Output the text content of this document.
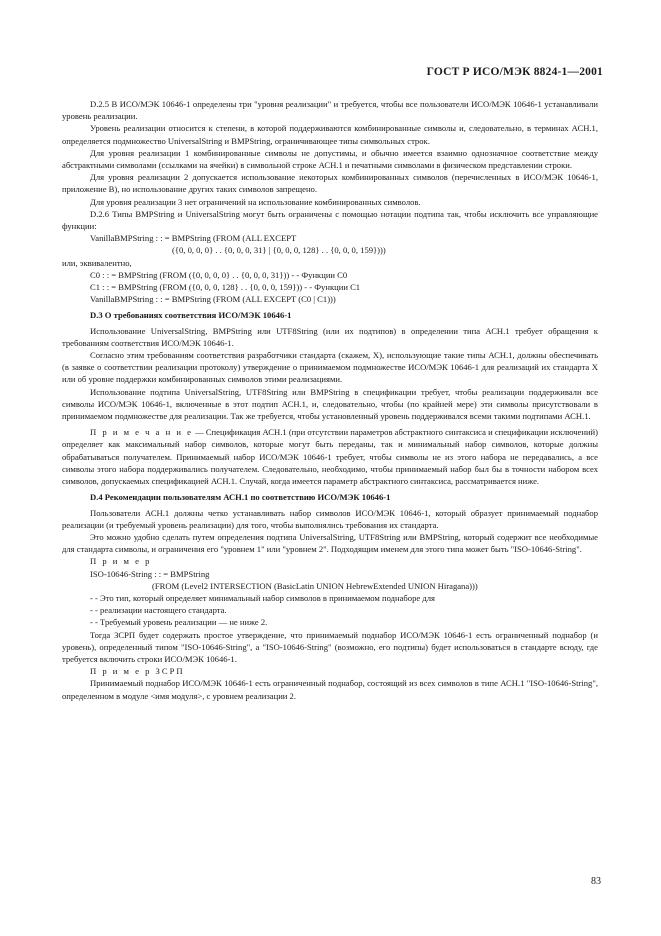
ГОСТ Р ИСО/МЭК 8824-1—2001

D.2.5 В ИСО/МЭК 10646-1 определены три "уровня реализации" и требуется, чтобы все пользователи ИСО/МЭК 10646-1 устанавливали уровень реализации.

Уровень реализации относится к степени, в которой поддерживаются комбинированные символы и, следовательно, в терминах АСН.1, определяется подмножество UniversalString и BMPString, ограничивающее типы символьных строк.

Для уровня реализации 1 комбинированные символы не допустимы, и обычно имеется взаимно однозначное соответствие между абстрактными символами (ссылками на ячейки) в символьной строке АСН.1 и печатными символами в физическом представлении строки.

Для уровня реализации 2 допускается использование некоторых комбинированных символов (перечисленных в ИСО/МЭК 10646-1, приложение В), но использование других таких символов запрещено.

Для уровня реализации 3 нет ограничений на использование комбинированных символов.

D.2.6 Типы BMPString и UniversalString могут быть ограничены с помощью нотации подтипа так, чтобы исключить все управляющие функции:

VanillaBMPString : : = BMPString (FROM (ALL EXCEPT

({0, 0, 0, 0} . . {0, 0, 0, 31} | {0, 0, 0, 128} . . {0, 0, 0, 159})))

или, эквивалентно,

C0 : : = BMPString (FROM ({0, 0, 0, 0} . . {0, 0, 0, 31})) - - Функции C0

C1 : : = BMPString (FROM ({0, 0, 0, 128} . . {0, 0, 0, 159})) - - Функции C1

VanillaBMPString : : = BMPString (FROM (ALL EXCEPT (C0 | C1)))

D.3 О требованиях соответствия ИСО/МЭК 10646-1

Использование UniversalString, BMPString или UTF8String (или их подтипов) в определении типа АСН.1 требует обращения к требованиям соответствия ИСО/МЭК 10646-1.

Согласно этим требованиям соответствия разработчики стандарта (скажем, X), использующие такие типы АСН.1, должны обеспечивать (в заявке о соответствии реализации протоколу) утверждение о принимаемом подмножестве ИСО/МЭК 10646-1 для реализаций их стандарта X или об уровне поддержки комбинированных символов этими реализациями.

Использование подтипа UniversalString, UTF8String или BMPString в спецификации требует, чтобы реализации поддерживали все символы ИСО/МЭК 10646-1, включенные в этот подтип АСН.1, и, следовательно, чтобы (по крайней мере) эти символы присутствовали в принимаемом подмножестве для реализации. Так же требуется, чтобы установленный уровень поддерживался всеми такими подтипами АСН.1.

П р и м е ч а н и е — Спецификация АСН.1 (при отсутствии параметров абстрактного синтаксиса и спецификации исключений) определяет как максимальный набор символов, которые могут быть переданы, так и минимальный набор символов, которые должны обрабатываться получателем. Принимаемый набор ИСО/МЭК 10646-1 требует, чтобы символы не из этого набора не передавались, а все символы этого набора поддерживались получателем. Следовательно, необходимо, чтобы принимаемый набор был бы в точности набором всех символов, допускаемых спецификацией АСН.1. Случай, когда имеется параметр абстрактного синтаксиса, рассматривается ниже.

D.4 Рекомендации пользователям АСН.1 по соответствию ИСО/МЭК 10646-1

Пользователи АСН.1 должны четко устанавливать набор символов ИСО/МЭК 10646-1, который образует принимаемый поднабор реализации (и требуемый уровень реализации) для того, чтобы выполнялись требования их стандарта.

Это можно удобно сделать путем определения подтипа UniversalString, UTF8String или BMPString, который содержит все необходимые для стандарта символы, и ограничения его "уровнем 1" или "уровнем 2". Подходящим именем для этого типа может быть "ISO-10646-String".

П р и м е р

ISO-10646-String : : = BMPString

(FROM (Level2 INTERSECTION (BasicLatin UNION HebrewExtended UNION Hiragana)))

- - Это тип, который определяет минимальный набор символов в принимаемом поднаборе для

- - реализации настоящего стандарта.

- - Требуемый уровень реализации — не ниже 2.

Тогда ЗСРП будет содержать простое утверждение, что принимаемый поднабор ИСО/МЭК 10646-1 есть ограниченный поднабор (и уровень), определенный типом "ISO-10646-String", а "ISO-10646-String" (возможно, его подтипы) будет использоваться в стандарте всюду, где требуется включить строки ИСО/МЭК 10646-1.

П р и м е р ЗСРП

Принимаемый поднабор ИСО/МЭК 10646-1 есть ограниченный поднабор, состоящий из всех символов в типе АСН.1 "ISO-10646-String", определенном в модуле <имя модуля>, с уровнем реализации 2.

83
